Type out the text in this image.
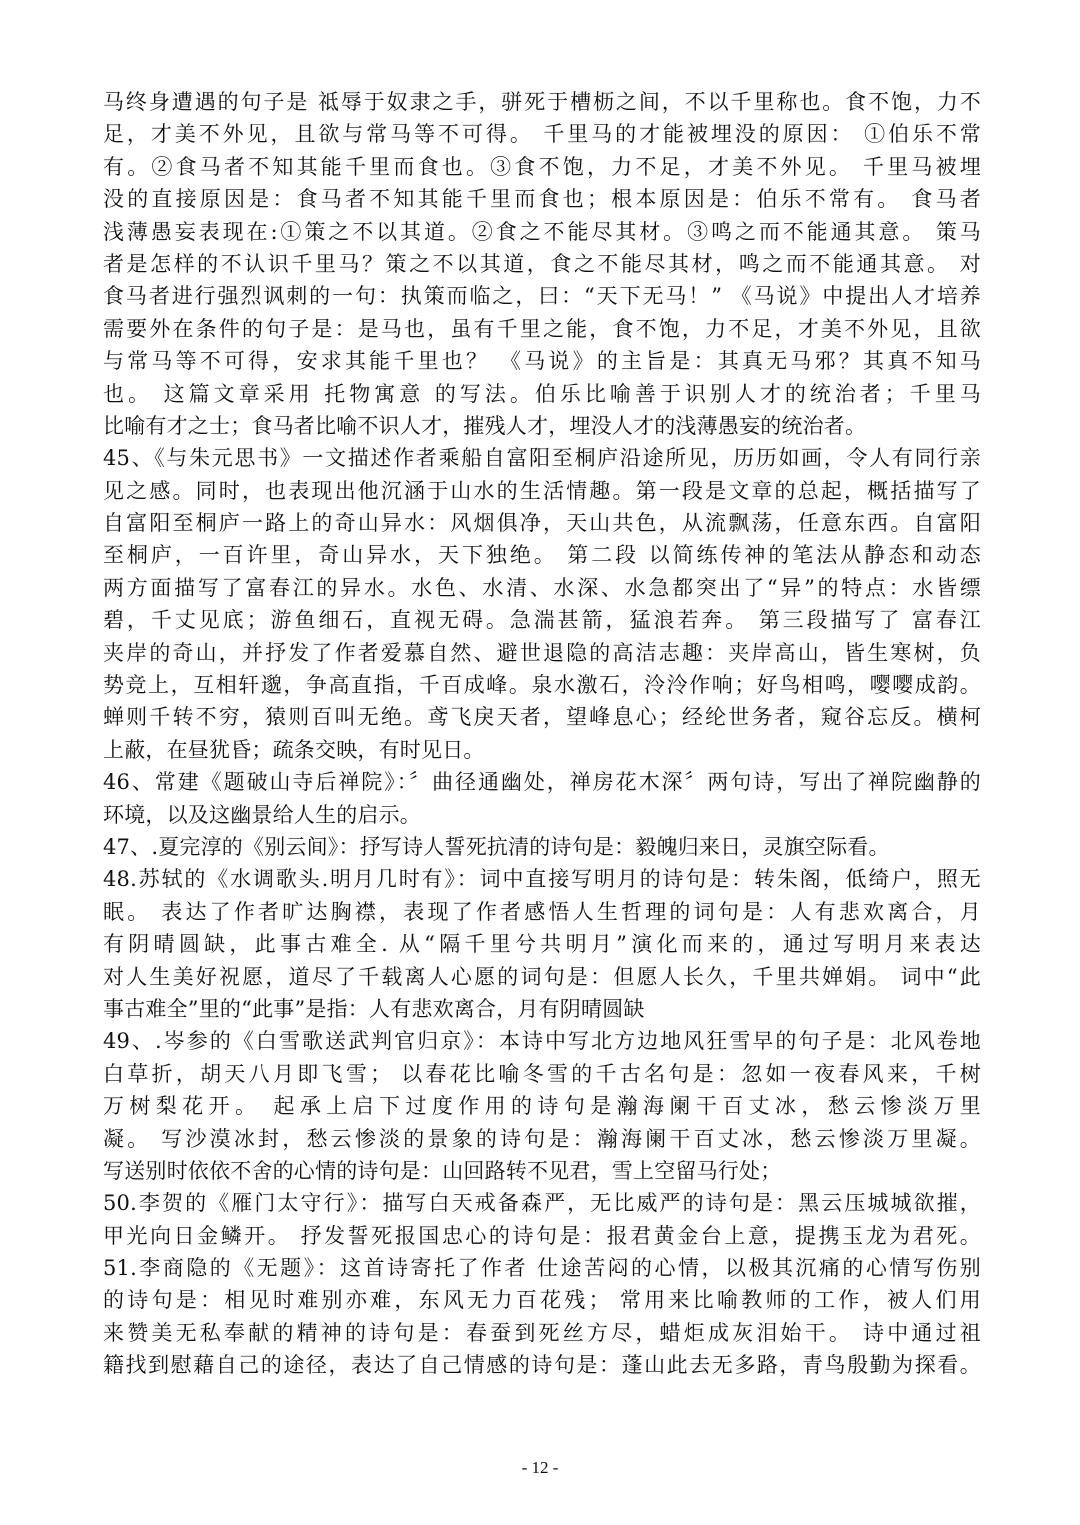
马终身遭遇的句子是 祗辱于奴隶之手，骈死于槽枥之间，不以千里称也。食不饱，力不
足，才美不外见，且欲与常马等不可得。 千里马的才能被埋没的原因： ①伯乐不常
有。②食马者不知其能千里而食也。③食不饱，力不足，才美不外见。 千里马被埋
没的直接原因是：食马者不知其能千里而食也；根本原因是：伯乐不常有。 食马者
浅薄愚妄表现在:①策之不以其道。②食之不能尽其材。③鸣之而不能通其意。 策马
者是怎样的不认识千里马？策之不以其道，食之不能尽其材，鸣之而不能通其意。 对
食马者进行强烈讽刺的一句：执策而临之，曰：“天下无马！” 《马说》中提出人才培养
需要外在条件的句子是：是马也，虽有千里之能，食不饱，力不足，才美不外见，且欲
与常马等不可得，安求其能千里也？ 《马说》的主旨是：其真无马邪？其真不知马
也。 这篇文章采用 托物寓意 的写法。伯乐比喻善于识别人才的统治者；千里马
比喻有才之士；食马者比喻不识人才，摧残人才，埋没人才的浅薄愚妄的统治者。
45、《与朱元思书》一文描述作者乘船自富阳至桐庐沿途所见，历历如画，令人有同行亲
见之感。同时，也表现出他沉涵于山水的生活情趣。第一段是文章的总起，概括描写了
自富阳至桐庐一路上的奇山异水：风烟俱净，天山共色，从流飘荡，任意东西。自富阳
至桐庐，一百许里，奇山异水，天下独绝。 第二段 以简练传神的笔法从静态和动态
两方面描写了富春江的异水。水色、水清、水深、水急都突出了“异”的特点：水皆缥
碧，千丈见底；游鱼细石，直视无碍。急湍甚箭，猛浪若奔。 第三段描写了 富春江
夹岸的奇山，并抒发了作者爱慕自然、避世退隐的高洁志趣：夹岸高山，皆生寒树，负
势竞上，互相轩邈，争高直指，千百成峰。泉水激石，泠泠作响；好鸟相鸣，嘤嘤成韵。
蝉则千转不穷，猿则百叫无绝。鸢飞戾天者，望峰息心；经纶世务者，窥谷忘反。横柯
上蔽，在昼犹昏；疏条交映，有时见日。
46、常建《题破山寺后禅院》：〞曲径通幽处，禅房花木深〞两句诗，写出了禅院幽静的
环境，以及这幽景给人生的启示。
47、.夏完淳的《别云间》：抒写诗人誓死抗清的诗句是：毅魄归来日，灵旗空际看。
48.苏轼的《水调歌头.明月几时有》：词中直接写明月的诗句是：转朱阁，低绮户，照无
眠。 表达了作者旷达胸襟，表现了作者感悟人生哲理的词句是：人有悲欢离合，月
有阴晴圆缺，此事古难全. 从“隔千里兮共明月”演化而来的，通过写明月来表达
对人生美好祝愿，道尽了千载离人心愿的词句是：但愿人长久，千里共婵娟。 词中“此
事古难全”里的“此事”是指：人有悲欢离合，月有阴晴圆缺
49、.岑参的《白雪歌送武判官归京》：本诗中写北方边地风狂雪早的句子是：北风卷地
白草折，胡天八月即飞雪； 以春花比喻冬雪的千古名句是：忽如一夜春风来，千树
万树梨花开。 起承上启下过度作用的诗句是瀚海阑干百丈冰，愁云惨淡万里
凝。 写沙漠冰封，愁云惨淡的景象的诗句是：瀚海阑干百丈冰，愁云惨淡万里凝。
写送别时依依不舍的心情的诗句是：山回路转不见君，雪上空留马行处；
50.李贺的《雁门太守行》：描写白天戒备森严，无比威严的诗句是：黑云压城城欲摧，
甲光向日金鳞开。 抒发誓死报国忠心的诗句是：报君黄金台上意，提携玉龙为君死。
51.李商隐的《无题》：这首诗寄托了作者 仕途苦闷的心情，以极其沉痛的心情写伤别
的诗句是：相见时难别亦难，东风无力百花残； 常用来比喻教师的工作，被人们用
来赞美无私奉献的精神的诗句是：春蚕到死丝方尽，蜡炬成灰泪始干。 诗中通过祖
籍找到慰藉自己的途径，表达了自己情感的诗句是：蓬山此去无多路，青鸟殷勤为探看。
- 12 -
